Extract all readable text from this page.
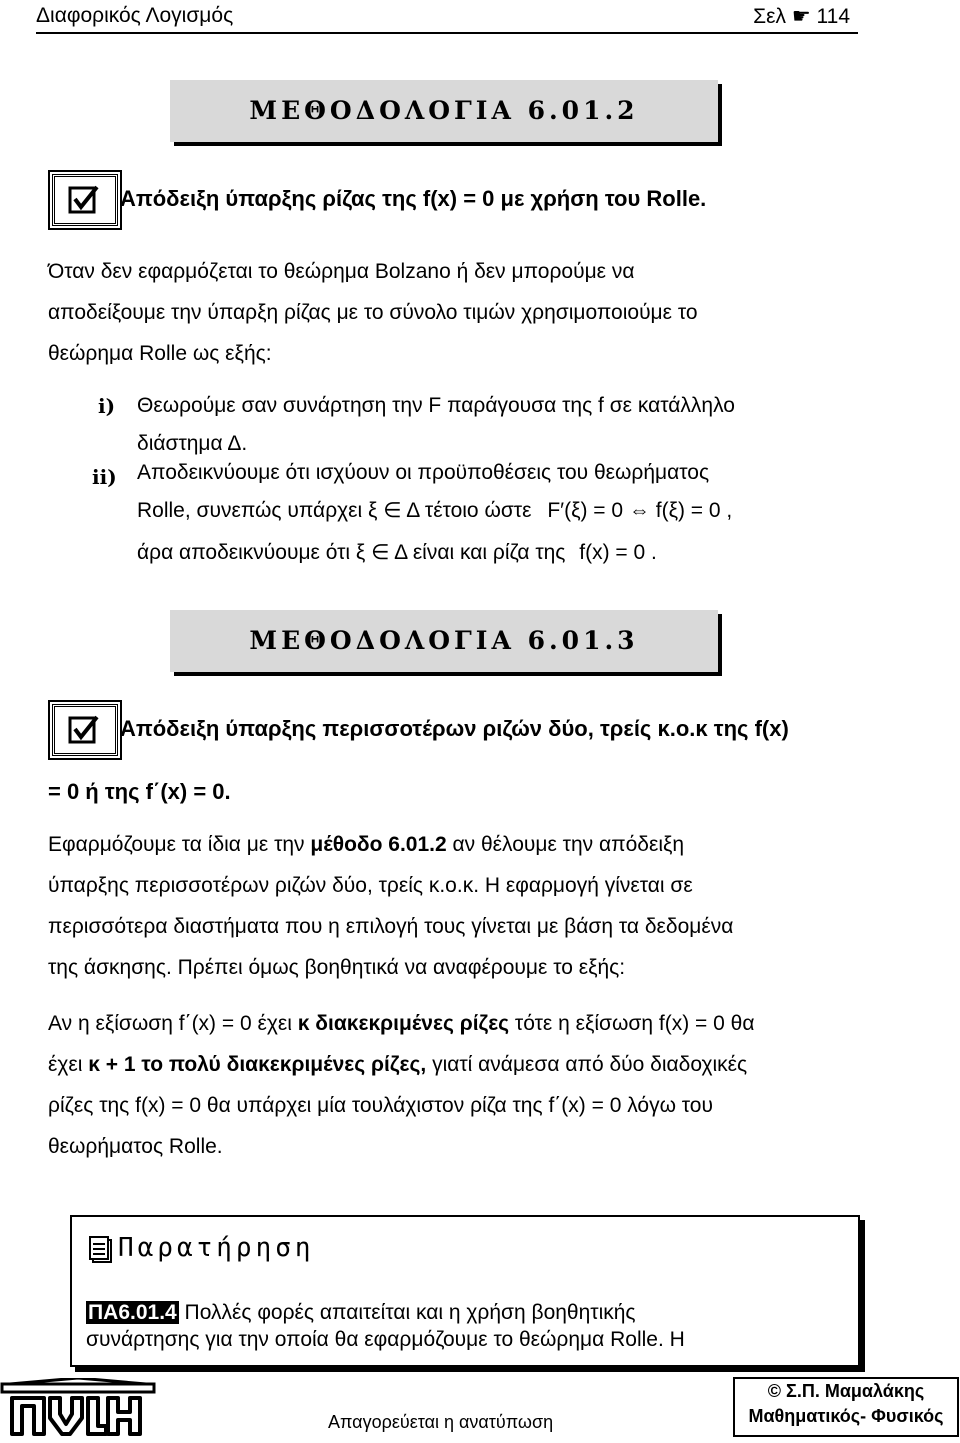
Διαφορικός Λογισμός	Σελ ☛ 114
ΜΕΘΟΔΟΛΟΓΙΑ 6.01.2
Απόδειξη ύπαρξης ρίζας της f(x) = 0 με χρήση του Rolle.
Όταν δεν εφαρμόζεται το θεώρημα Bolzano ή δεν μπορούμε να
αποδείξουμε την ύπαρξη ρίζας με το σύνολο τιμών χρησιμοποιούμε το
θεώρημα Rolle ως εξής:
i) Θεωρούμε σαν συνάρτηση την F παράγουσα της f σε κατάλληλο
διάστημα Δ.
ii) Αποδεικνύουμε ότι ισχύουν οι προϋποθέσεις του θεωρήματος
Rolle, συνεπώς υπάρχει ξ ∈ Δ τέτοιο ώστε F′(ξ) = 0 ⇔ f(ξ) = 0 ,
άρα αποδεικνύουμε ότι ξ ∈ Δ είναι και ρίζα της f(x) = 0 .
ΜΕΘΟΔΟΛΟΓΙΑ 6.01.3
Απόδειξη ύπαρξης περισσοτέρων ριζών δύο, τρείς κ.ο.κ της f(x)
= 0 ή της f΄(x) = 0.
Εφαρμόζουμε τα ίδια με την μέθοδο 6.01.2 αν θέλουμε την απόδειξη
ύπαρξης περισσοτέρων ριζών δύο, τρείς κ.ο.κ. Η εφαρμογή γίνεται σε
περισσότερα διαστήματα που η επιλογή τους γίνεται με βάση τα δεδομένα
της άσκησης. Πρέπει όμως βοηθητικά να αναφέρουμε το εξής:
Αν η εξίσωση f΄(x) = 0 έχει κ διακεκριμένες ρίζες τότε η εξίσωση f(x) = 0 θα
έχει κ + 1 το πολύ διακεκριμένες ρίζες, γιατί ανάμεσα από δύο διαδοχικές
ρίζες της f(x) = 0 θα υπάρχει μία τουλάχιστον ρίζα της f΄(x) = 0 λόγω του
θεωρήματος Rolle.
Παρατήρηση
ΠΑ6.01.4 Πολλές φορές απαιτείται και η χρήση βοηθητικής
συνάρτησης για την οποία θα εφαρμόζουμε το θεώρημα Rolle. Η
Απαγορεύεται η ανατύπωση
© Σ.Π. Μαμαλάκης
Μαθηματικός- Φυσικός
